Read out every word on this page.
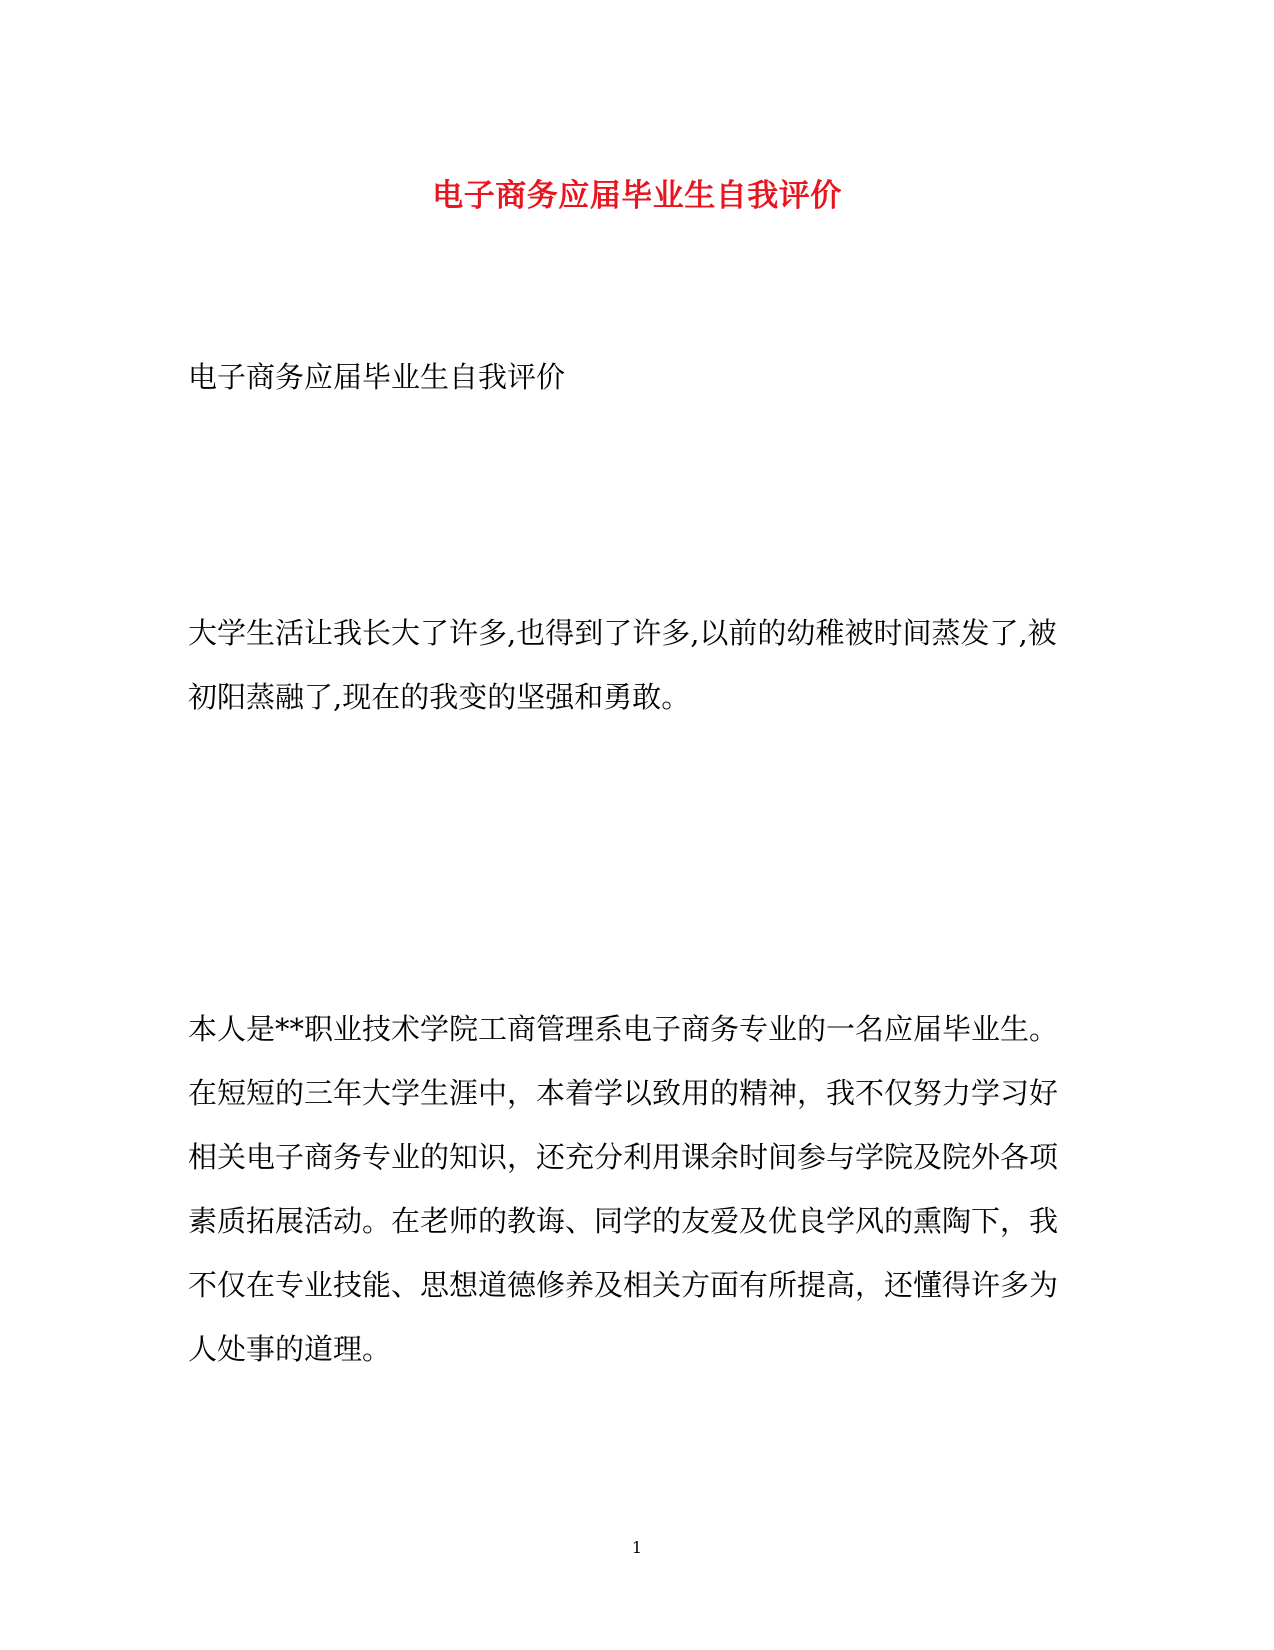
电子商务应届毕业生自我评价
电子商务应届毕业生自我评价
大学生活让我长大了许多,也得到了许多,以前的幼稚被时间蒸发了,被
初阳蒸融了,现在的我变的坚强和勇敢。
本人是**职业技术学院工商管理系电子商务专业的一名应届毕业生。
在短短的三年大学生涯中，本着学以致用的精神，我不仅努力学习好
相关电子商务专业的知识，还充分利用课余时间参与学院及院外各项
素质拓展活动。在老师的教诲、同学的友爱及优良学风的熏陶下，我
不仅在专业技能、思想道德修养及相关方面有所提高，还懂得许多为
人处事的道理。
1
